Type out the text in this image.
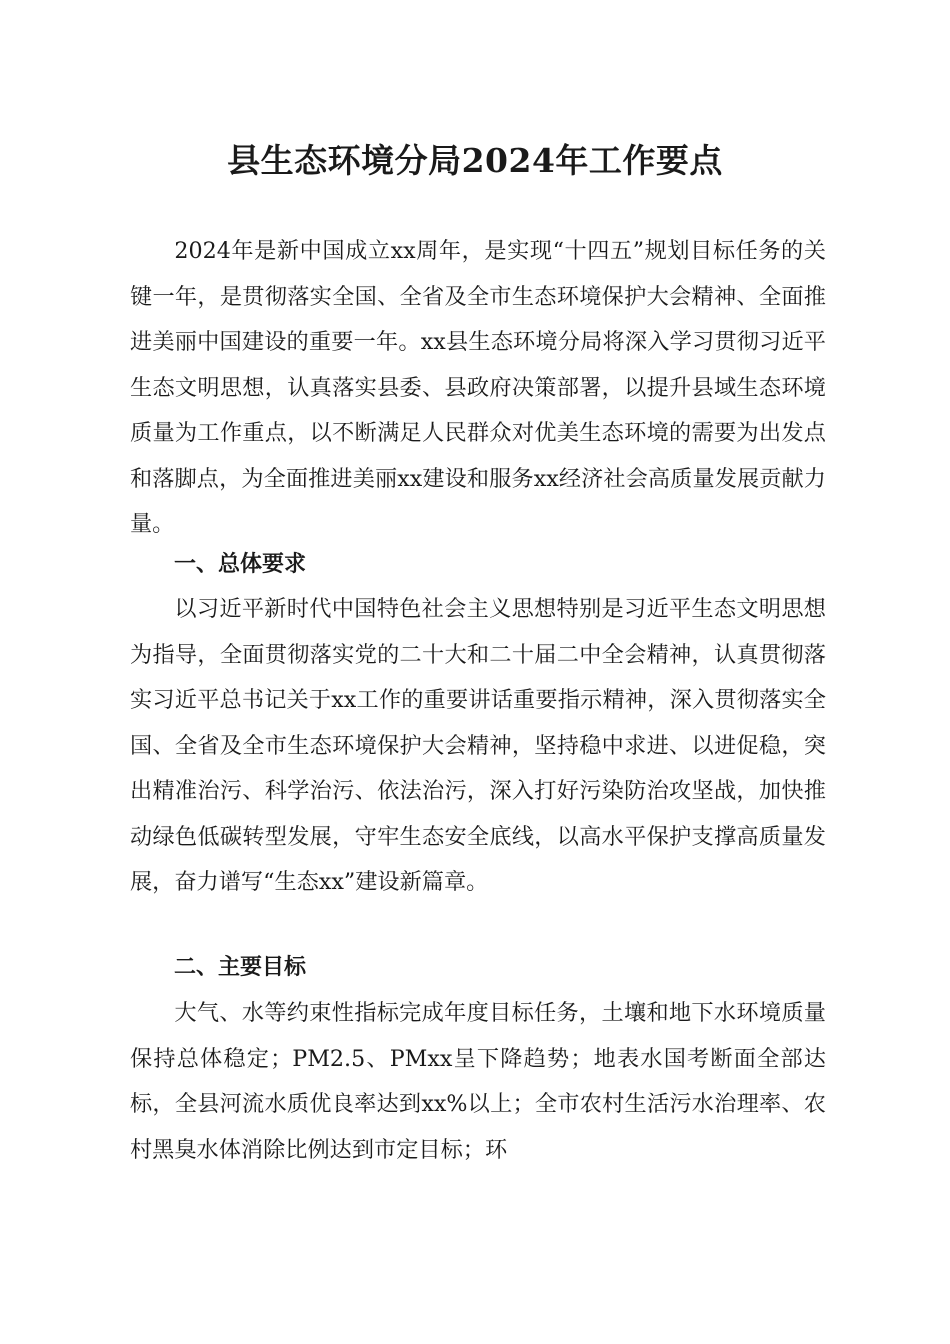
县生态环境分局2024年工作要点

2024年是新中国成立xx周年，是实现“十四五”规划目标任务的关键一年，是贯彻落实全国、全省及全市生态环境保护大会精神、全面推进美丽中国建设的重要一年。xx县生态环境分局将深入学习贯彻习近平生态文明思想，认真落实县委、县政府决策部署，以提升县域生态环境质量为工作重点，以不断满足人民群众对优美生态环境的需要为出发点和落脚点，为全面推进美丽xx建设和服务xx经济社会高质量发展贡献力量。

一、总体要求

以习近平新时代中国特色社会主义思想特别是习近平生态文明思想为指导，全面贯彻落实党的二十大和二十届二中全会精神，认真贯彻落实习近平总书记关于xx工作的重要讲话重要指示精神，深入贯彻落实全国、全省及全市生态环境保护大会精神，坚持稳中求进、以进促稳，突出精准治污、科学治污、依法治污，深入打好污染防治攻坚战，加快推动绿色低碳转型发展，守牢生态安全底线，以高水平保护支撑高质量发展，奋力谱写“生态xx”建设新篇章。

二、主要目标

大气、水等约束性指标完成年度目标任务，土壤和地下水环境质量保持总体稳定；PM2.5、PMxx呈下降趋势；地表水国考断面全部达标，全县河流水质优良率达到xx%以上；全市农村生活污水治理率、农村黑臭水体消除比例达到市定目标；环
